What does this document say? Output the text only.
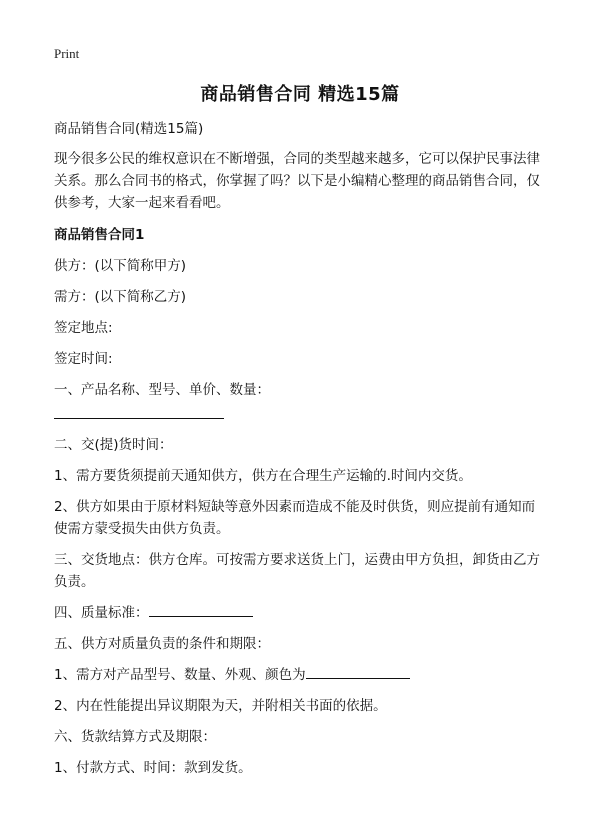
Print
商品销售合同 精选15篇
商品销售合同(精选15篇)
现今很多公民的维权意识在不断增强，合同的类型越来越多，它可以保护民事法律
关系。那么合同书的格式，你掌握了吗？以下是小编精心整理的商品销售合同，仅
供参考，大家一起来看看吧。
商品销售合同1
供方：(以下简称甲方)
需方：(以下简称乙方)
签定地点:
签定时间:
一、产品名称、型号、单价、数量：
二、交(提)货时间：
1、需方要货须提前天通知供方，供方在合理生产运输的.时间内交货。
2、供方如果由于原材料短缺等意外因素而造成不能及时供货，则应提前有通知而
使需方蒙受损失由供方负责。
三、交货地点：供方仓库。可按需方要求送货上门，运费由甲方负担，卸货由乙方
负责。
四、质量标准：
五、供方对质量负责的条件和期限：
1、需方对产品型号、数量、外观、颜色为
2、内在性能提出异议期限为天，并附相关书面的依据。
六、货款结算方式及期限：
1、付款方式、时间：款到发货。
